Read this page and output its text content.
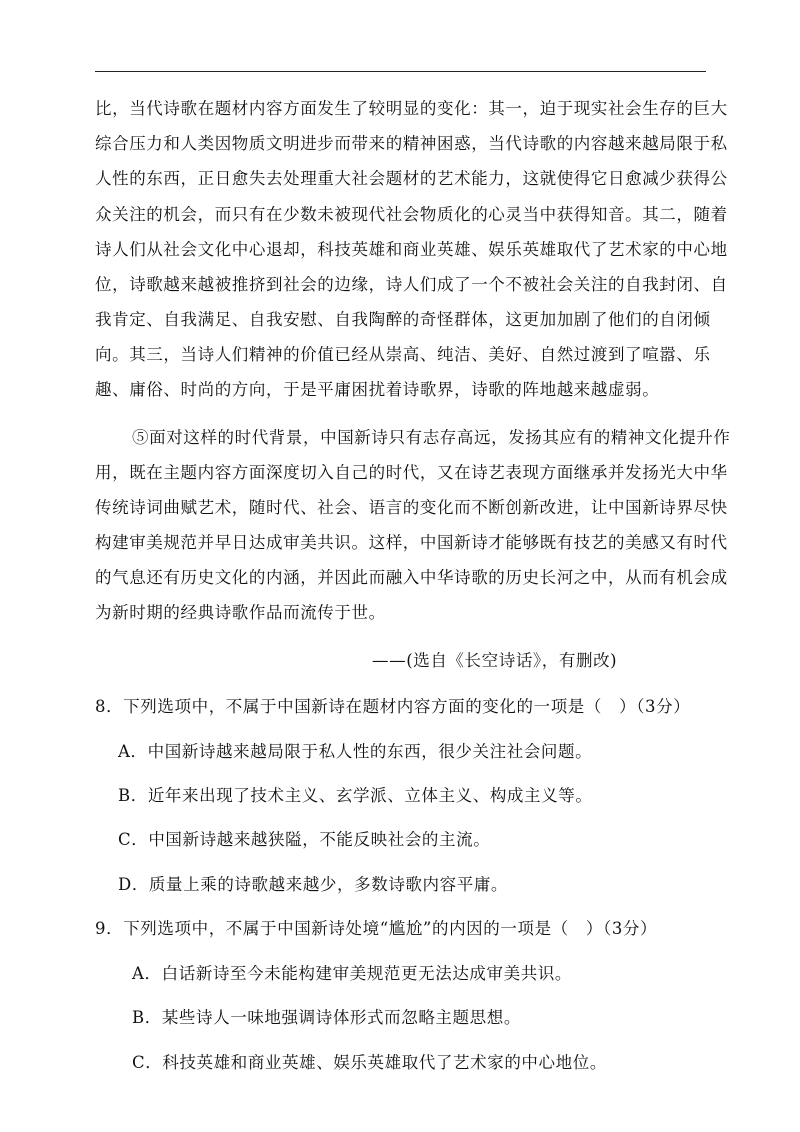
比，当代诗歌在题材内容方面发生了较明显的变化：其一，迫于现实社会生存的巨大
综合压力和人类因物质文明进步而带来的精神困惑，当代诗歌的内容越来越局限于私
人性的东西，正日愈失去处理重大社会题材的艺术能力，这就使得它日愈减少获得公
众关注的机会，而只有在少数未被现代社会物质化的心灵当中获得知音。其二，随着
诗人们从社会文化中心退却，科技英雄和商业英雄、娱乐英雄取代了艺术家的中心地
位，诗歌越来越被推挤到社会的边缘，诗人们成了一个不被社会关注的自我封闭、自
我肯定、自我满足、自我安慰、自我陶醉的奇怪群体，这更加加剧了他们的自闭倾
向。其三，当诗人们精神的价值已经从崇高、纯洁、美好、自然过渡到了喧嚣、乐
趣、庸俗、时尚的方向，于是平庸困扰着诗歌界，诗歌的阵地越来越虚弱。
⑤面对这样的时代背景，中国新诗只有志存高远，发扬其应有的精神文化提升作
用，既在主题内容方面深度切入自己的时代，又在诗艺表现方面继承并发扬光大中华
传统诗词曲赋艺术，随时代、社会、语言的变化而不断创新改进，让中国新诗界尽快
构建审美规范并早日达成审美共识。这样，中国新诗才能够既有技艺的美感又有时代
的气息还有历史文化的内涵，并因此而融入中华诗歌的历史长河之中，从而有机会成
为新时期的经典诗歌作品而流传于世。
——(选自《长空诗话》，有删改)
8．下列选项中，不属于中国新诗在题材内容方面的变化的一项是（　）（3分）
A．中国新诗越来越局限于私人性的东西，很少关注社会问题。
B．近年来出现了技术主义、玄学派、立体主义、构成主义等。
C．中国新诗越来越狭隘，不能反映社会的主流。
D．质量上乘的诗歌越来越少，多数诗歌内容平庸。
9．下列选项中，不属于中国新诗处境“尴尬”的内因的一项是（　）（3分）
A．白话新诗至今未能构建审美规范更无法达成审美共识。
B．某些诗人一味地强调诗体形式而忽略主题思想。
C．科技英雄和商业英雄、娱乐英雄取代了艺术家的中心地位。
